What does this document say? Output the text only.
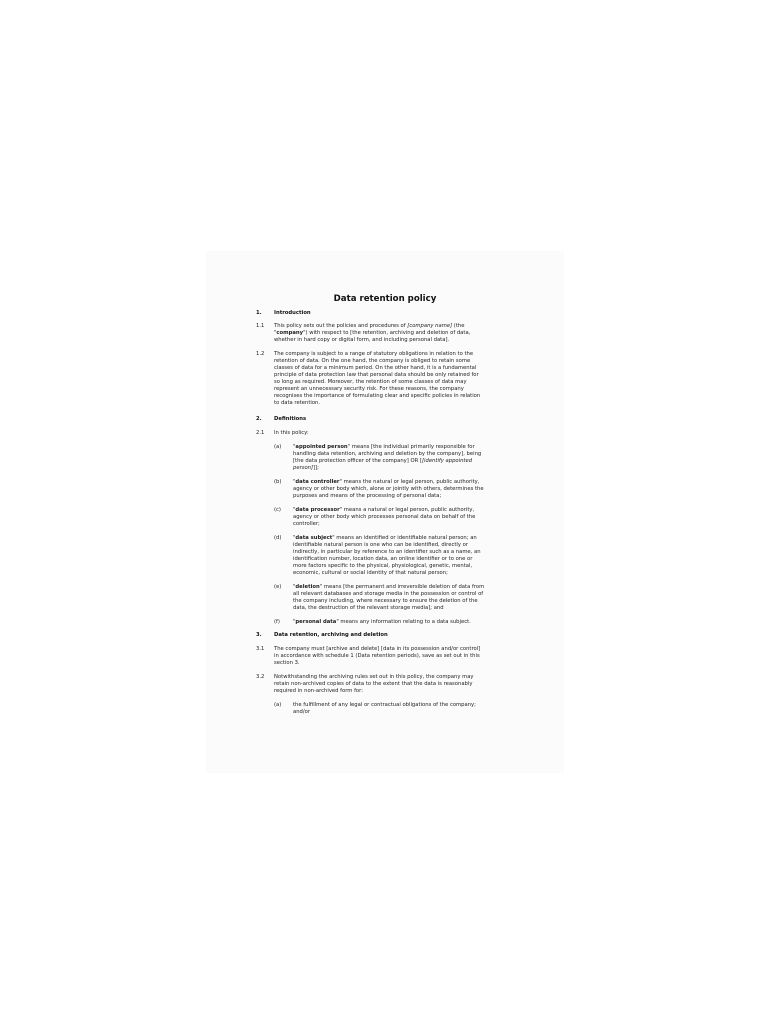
Data retention policy
1. Introduction
1.1 This policy sets out the policies and procedures of [company name] (the
"company") with respect to [the retention, archiving and deletion of data,
whether in hard copy or digital form, and including personal data].
1.2 The company is subject to a range of statutory obligations in relation to the
retention of data. On the one hand, the company is obliged to retain some
classes of data for a minimum period. On the other hand, it is a fundamental
principle of data protection law that personal data should be only retained for
so long as required. Moreover, the retention of some classes of data may
represent an unnecessary security risk. For these reasons, the company
recognises the importance of formulating clear and specific policies in relation
to data retention.
2. Definitions
2.1 In this policy:
(a) "appointed person" means [the individual primarily responsible for
handling data retention, archiving and deletion by the company], being
[the data protection officer of the company] OR [[identify appointed
person]]];
(b) "data controller" means the natural or legal person, public authority,
agency or other body which, alone or jointly with others, determines the
purposes and means of the processing of personal data;
(c) "data processor" means a natural or legal person, public authority,
agency or other body which processes personal data on behalf of the
controller;
(d) "data subject" means an identified or identifiable natural person; an
identifiable natural person is one who can be identified, directly or
indirectly, in particular by reference to an identifier such as a name, an
identification number, location data, an online identifier or to one or
more factors specific to the physical, physiological, genetic, mental,
economic, cultural or social identity of that natural person;
(e) "deletion" means [the permanent and irreversible deletion of data from
all relevant databases and storage media in the possession or control of
the company including, where necessary to ensure the deletion of the
data, the destruction of the relevant storage media]; and
(f) "personal data" means any information relating to a data subject.
3. Data retention, archiving and deletion
3.1 The company must [archive and delete] [data in its possession and/or control]
in accordance with schedule 1 (Data retention periods), save as set out in this
section 3.
3.2 Notwithstanding the archiving rules set out in this policy, the company may
retain non-archived copies of data to the extent that the data is reasonably
required in non-archived form for:
(a) the fulfillment of any legal or contractual obligations of the company;
and/or
